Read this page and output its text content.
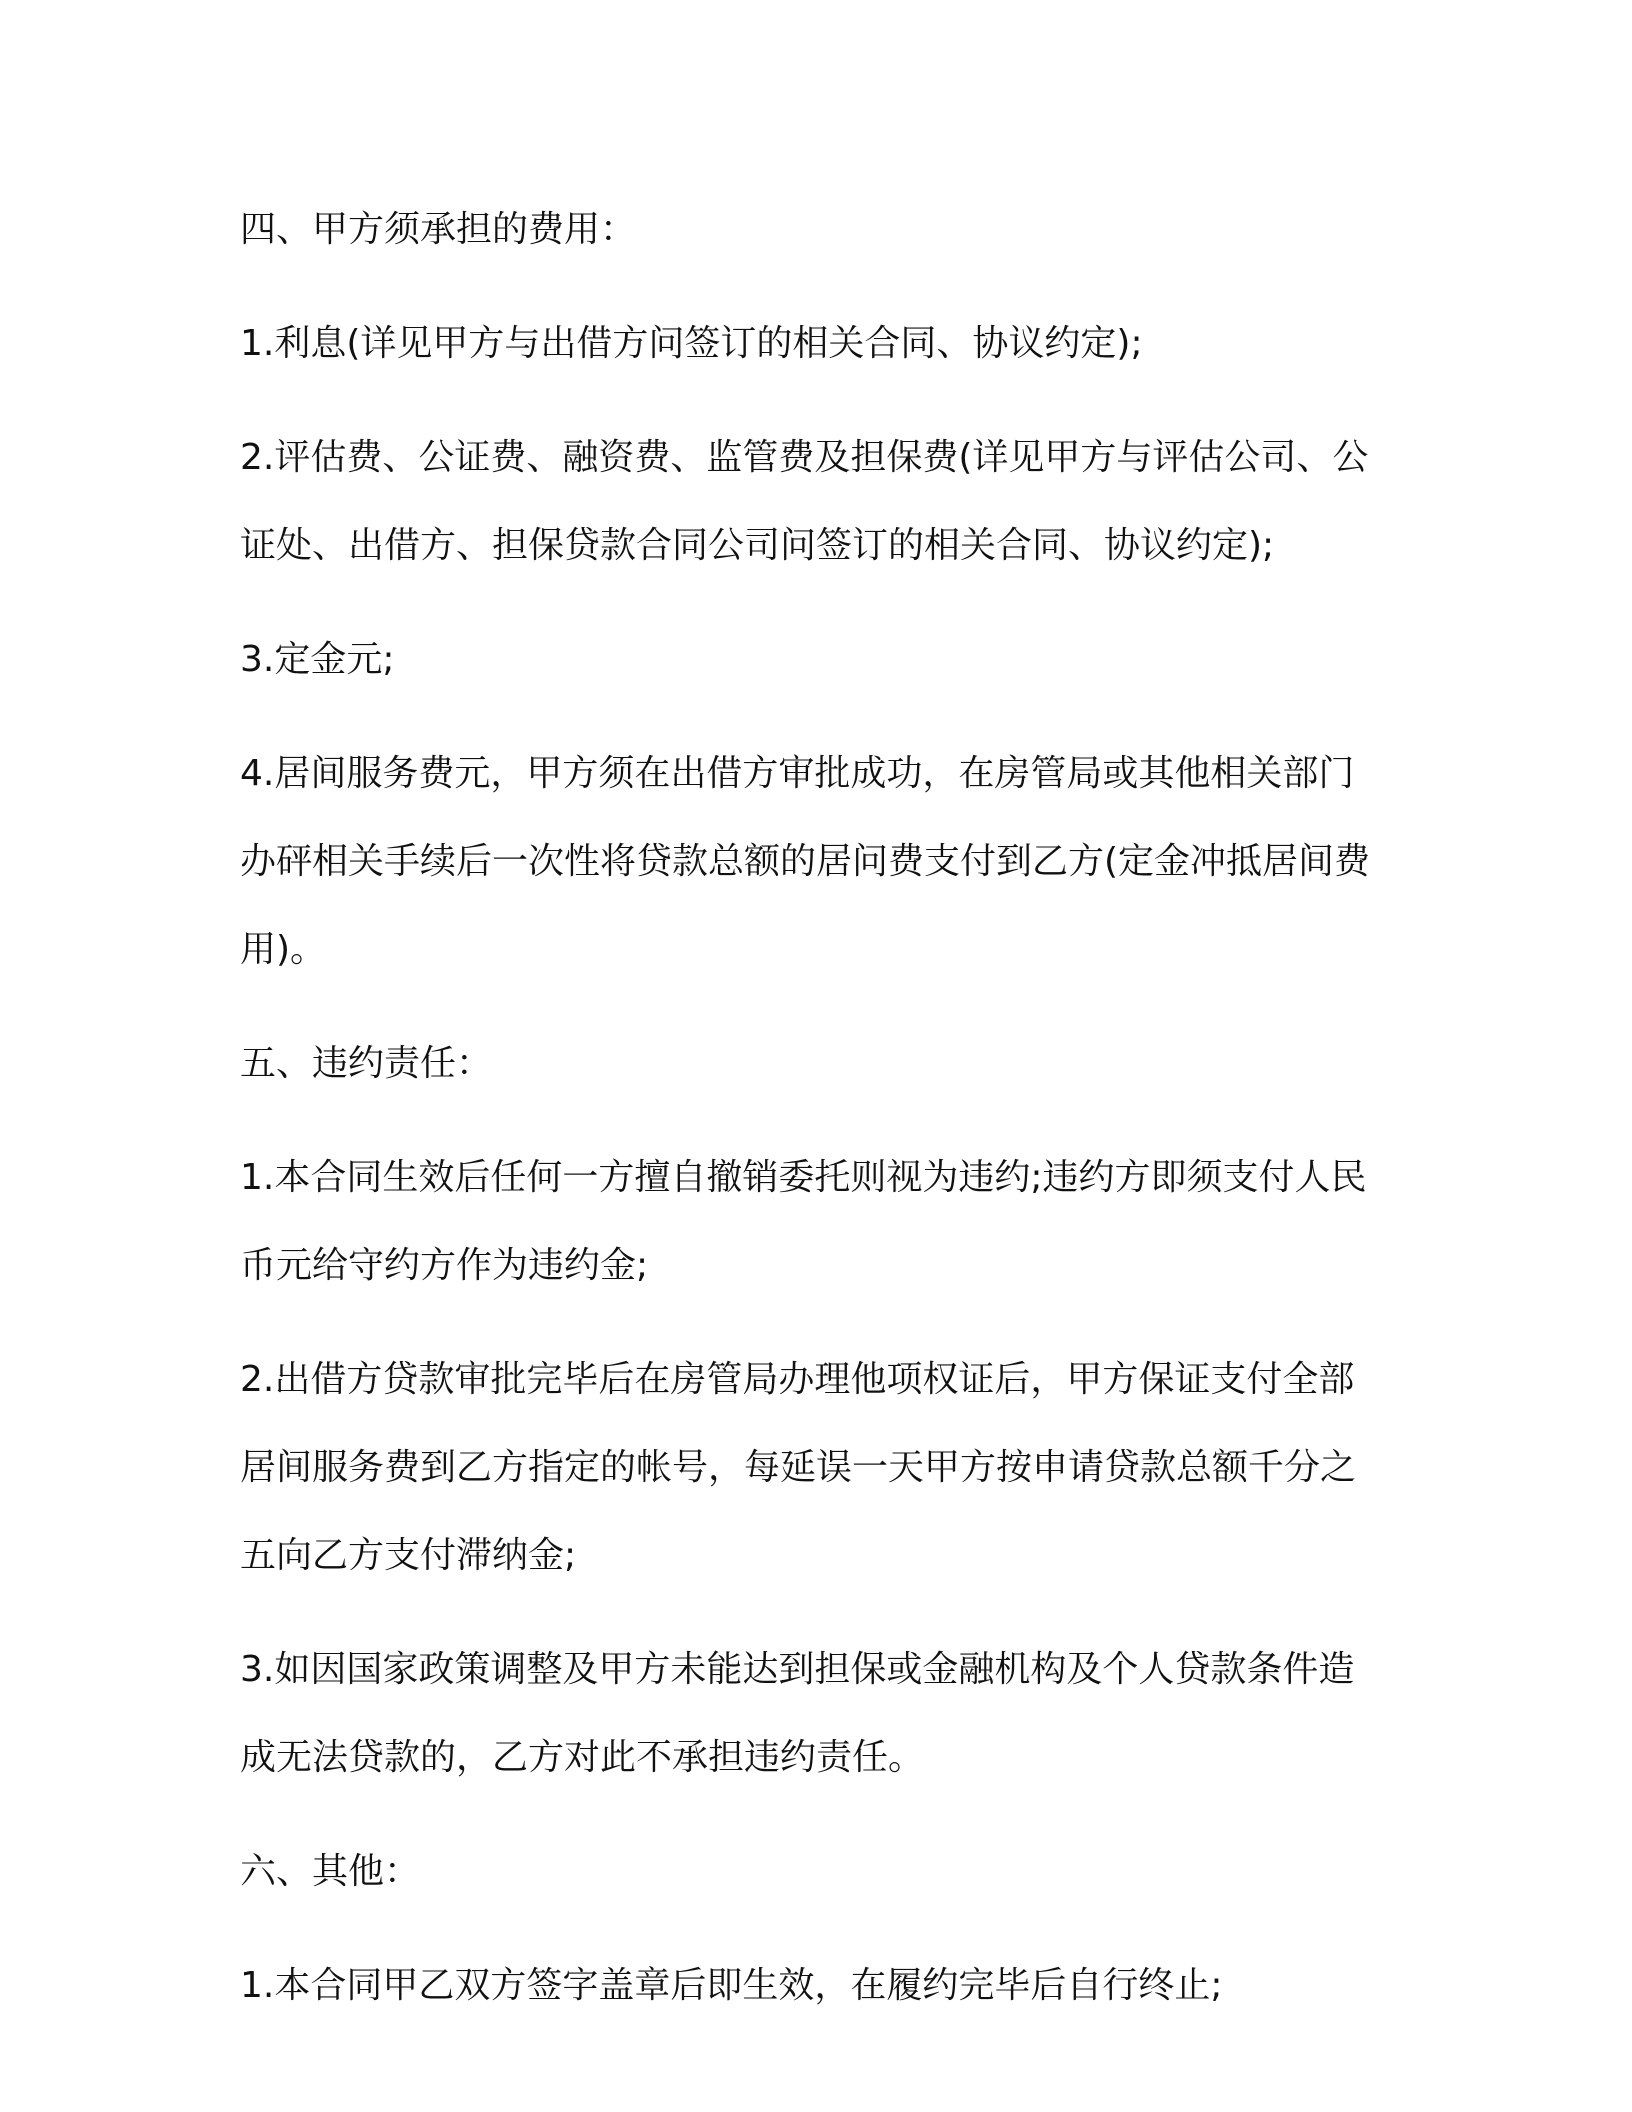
四、甲方须承担的费用：

1.利息(详见甲方与出借方问签订的相关合同、协议约定);

2.评估费、公证费、融资费、监管费及担保费(详见甲方与评估公司、公证处、出借方、担保贷款合同公司问签订的相关合同、协议约定);

3.定金元;

4.居间服务费元，甲方须在出借方审批成功，在房管局或其他相关部门办砰相关手续后一次性将贷款总额的居问费支付到乙方(定金冲抵居间费用)。

五、违约责任：

1.本合同生效后任何一方擅自撤销委托则视为违约;违约方即须支付人民币元给守约方作为违约金;

2.出借方贷款审批完毕后在房管局办理他项权证后，甲方保证支付全部居间服务费到乙方指定的帐号，每延误一天甲方按申请贷款总额千分之五向乙方支付滞纳金;

3.如因国家政策调整及甲方未能达到担保或金融机构及个人贷款条件造成无法贷款的，乙方对此不承担违约责任。

六、其他：

1.本合同甲乙双方签字盖章后即生效，在履约完毕后自行终止;
